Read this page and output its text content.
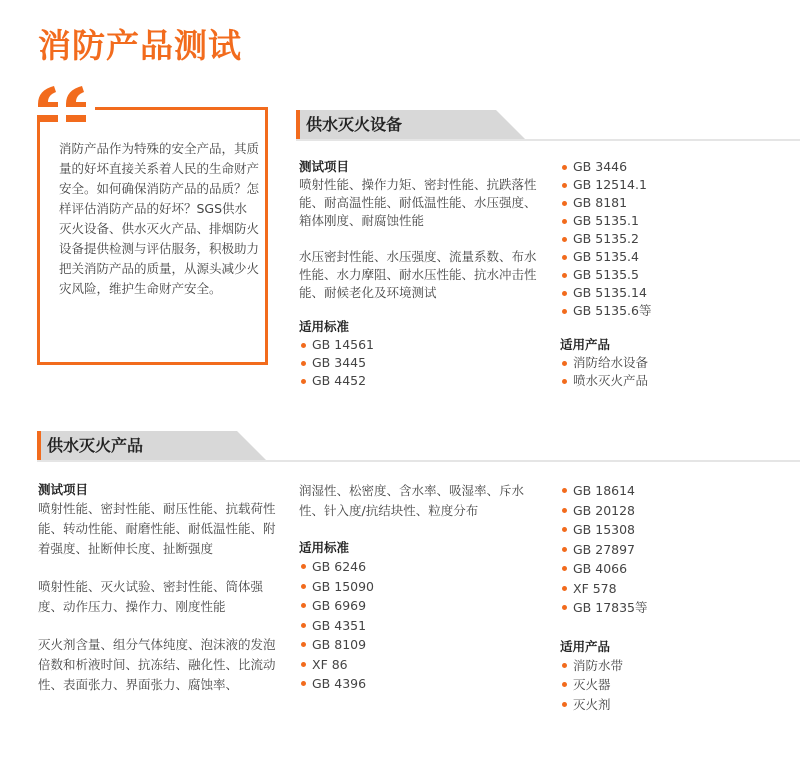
消防产品测试
消防产品作为特殊的安全产品，其质量的好坏直接关系着人民的生命财产安全。如何确保消防产品的品质？怎样评估消防产品的好坏？SGS供水灭火设备、供水灭火产品、排烟防火设备提供检测与评估服务，积极助力把关消防产品的质量，从源头减少火灾风险，维护生命财产安全。
供水灭火设备
测试项目

喷射性能、操作力矩、密封性能、抗跌落性能、耐高温性能、耐低温性能、水压强度、箱体刚度、耐腐蚀性能

水压密封性能、水压强度、流量系数、布水性能、水力摩阻、耐水压性能、抗水冲击性能、耐候老化及环境测试

适用标准
GB 14561
GB 3445
GB 4452
GB 3446
GB 12514.1
GB 8181
GB 5135.1
GB 5135.2
GB 5135.4
GB 5135.5
GB 5135.14
GB 5135.6等
适用产品
消防给水设备
喷水灭火产品
供水灭火产品
测试项目

喷射性能、密封性能、耐压性能、抗载荷性能、转动性能、耐磨性能、耐低温性能、附着强度、扯断伸长度、扯断强度

喷射性能、灭火试验、密封性能、筒体强度、动作压力、操作力、刚度性能

灭火剂含量、组分气体纯度、泡沫液的发泡倍数和析液时间、抗冻结、融化性、比流动性、表面张力、界面张力、腐蚀率、

润湿性、松密度、含水率、吸湿率、斥水性、针入度/抗结块性、粒度分布

适用标准
GB 6246
GB 15090
GB 6969
GB 4351
GB 8109
XF 86
GB 4396
GB 18614
GB 20128
GB 15308
GB 27897
GB 4066
XF 578
GB 17835等
适用产品
消防水带
灭火器
灭火剂
